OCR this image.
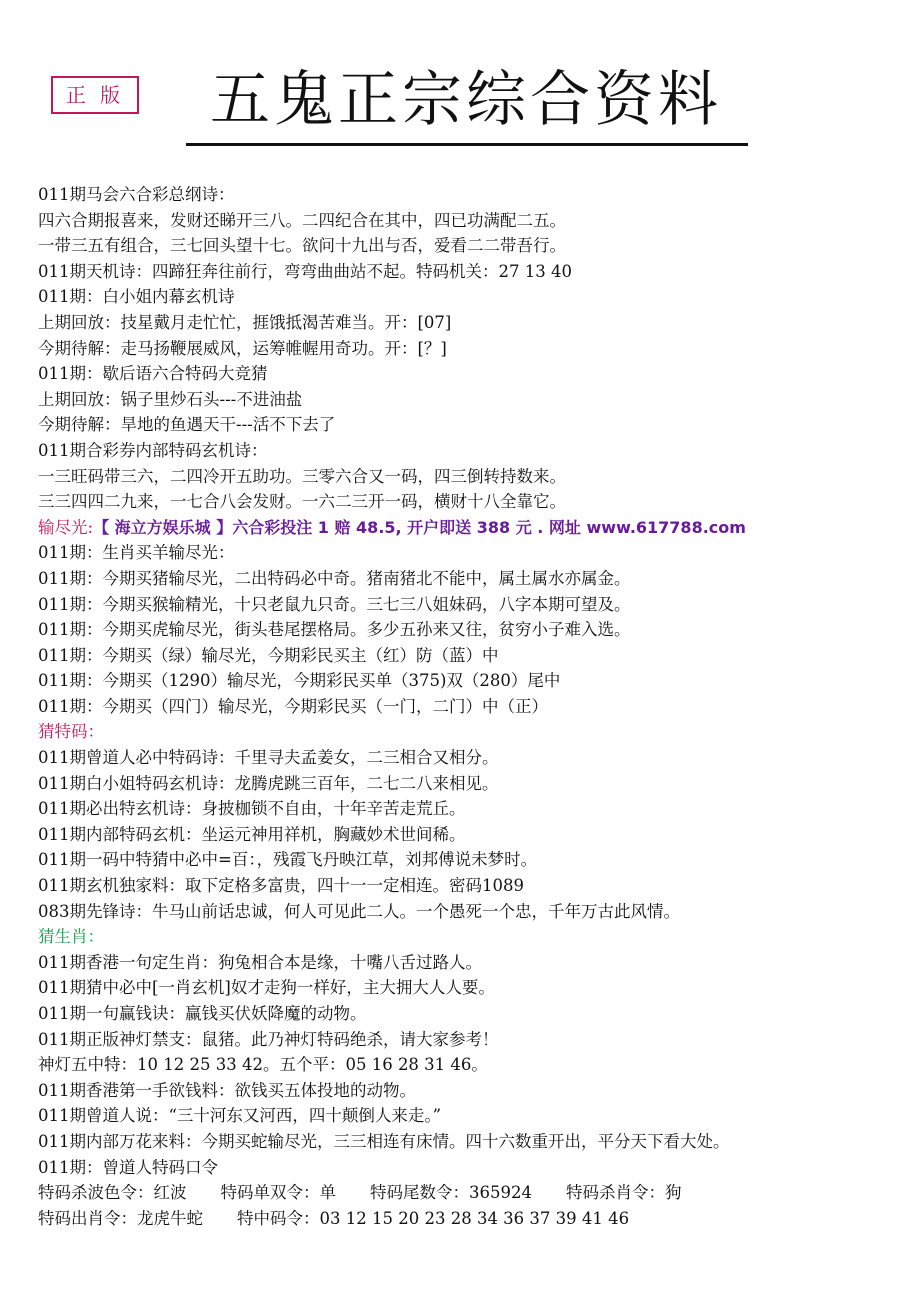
正 版	五鬼正宗综合资料
011期马会六合彩总纲诗：
四六合期报喜来，发财还睇开三八。二四纪合在其中，四已功满配二五。
一带三五有组合，三七回头望十七。欲问十九出与否，爱看二二带吾行。
011期天机诗：四蹄狂奔往前行，弯弯曲曲站不起。特码机关：27 13 40
011期：白小姐内幕玄机诗
上期回放：技星戴月走忙忙，捱饿抵渴苦难当。开：[07]
今期待解：走马扬鞭展威风，运筹帷幄用奇功。开：[？]
011期：歇后语六合特码大竞猜
上期回放：锅子里炒石头---不进油盐
今期待解：旱地的鱼遇天干---活不下去了
011期合彩券内部特码玄机诗：
一三旺码带三六，二四冷开五助功。三零六合又一码，四三倒转持数来。
三三四四二九来，一七合八会发财。一六二三开一码，横财十八全靠它。
输尽光:【 海立方娱乐城 】六合彩投注 1 赔 48.5, 开户即送 388 元 . 网址 www.617788.com
011期：生肖买羊输尽光：
011期：今期买猪输尽光，二出特码必中奇。猪南猪北不能中，属土属水亦属金。
011期：今期买猴输精光，十只老鼠九只奇。三七三八姐妹码，八字本期可望及。
011期：今期买虎输尽光，街头巷尾摆格局。多少五孙来又往，贫穷小子难入选。
011期：今期买（绿）输尽光，今期彩民买主（红）防（蓝）中
011期：今期买（1290）输尽光，今期彩民买单（375)双（280）尾中
011期：今期买（四门）输尽光，今期彩民买（一门，二门）中（正）
猜特码：
011期曾道人必中特码诗：千里寻夫孟姜女，二三相合又相分。
011期白小姐特码玄机诗：龙腾虎跳三百年，二七二八来相见。
011期必出特玄机诗：身披枷锁不自由，十年辛苦走荒丘。
011期内部特码玄机：坐运元神用祥机，胸藏妙术世间稀。
011期一码中特猜中必中=百：，残霞飞丹映江草，刘邦傅说未梦时。
011期玄机独家料：取下定格多富贵，四十一一定相连。密码1089
083期先锋诗：牛马山前话忠诚，何人可见此二人。一个愚死一个忠，千年万古此风情。
猜生肖：
011期香港一句定生肖：狗兔相合本是缘，十嘴八舌过路人。
011期猜中必中[一肖玄机]奴才走狗一样好，主大拥大人人要。
011期一句赢钱诀：赢钱买伏妖降魔的动物。
011期正版神灯禁支：鼠猪。此乃神灯特码绝杀，请大家参考！
神灯五中特：10 12 25 33 42。五个平：05 16 28 31 46。
011期香港第一手欲钱料：欲钱买五体投地的动物。
011期曾道人说：“三十河东又河西，四十颠倒人来走。”
011期内部万花来料：今期买蛇输尽光，三三相连有床情。四十六数重开出，平分天下看大处。
011期：曾道人特码口令
特码杀波色令：红波 特码单双令：单 特码尾数令：365924 特码杀肖令：狗
特码出肖令：龙虎牛蛇 特中码令：03 12 15 20 23 28 34 36 37 39 41 46
